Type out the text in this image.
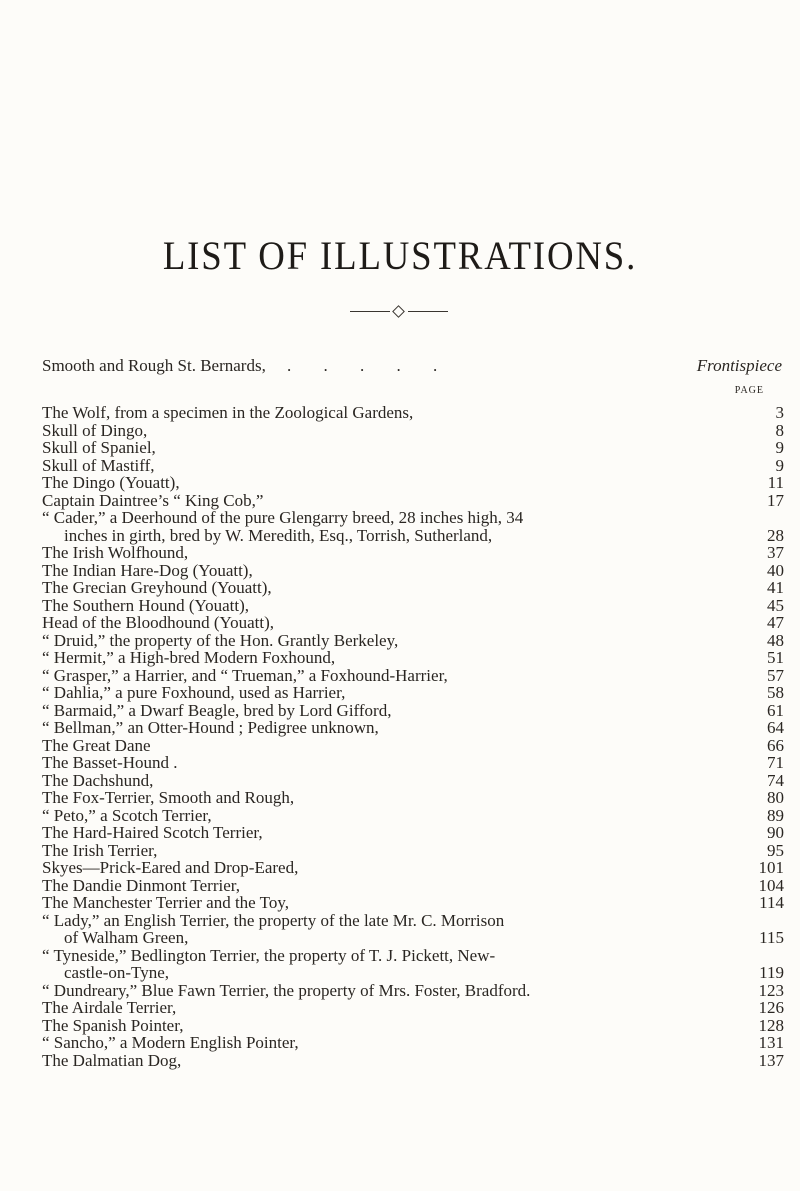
LIST OF ILLUSTRATIONS.
Smooth and Rough St. Bernards, . . . . .	Frontispiece
PAGE
The Wolf, from a specimen in the Zoological Gardens,	3
Skull of Dingo,	8
Skull of Spaniel,	9
Skull of Mastiff,	9
The Dingo (Youatt),	11
Captain Daintree’s “ King Cob,”	17
“ Cader,” a Deerhound of the pure Glengarry breed, 28 inches high, 34
inches in girth, bred by W. Meredith, Esq., Torrish, Sutherland,	28
The Irish Wolfhound,	37
The Indian Hare-Dog (Youatt),	40
The Grecian Greyhound (Youatt),	41
The Southern Hound (Youatt),	45
Head of the Bloodhound (Youatt),	47
“ Druid,” the property of the Hon. Grantly Berkeley,	48
“ Hermit,” a High-bred Modern Foxhound,	51
“ Grasper,” a Harrier, and “ Trueman,” a Foxhound-Harrier,	57
“ Dahlia,” a pure Foxhound, used as Harrier,	58
“ Barmaid,” a Dwarf Beagle, bred by Lord Gifford,	61
“ Bellman,” an Otter-Hound ; Pedigree unknown,	64
The Great Dane	66
The Basset-Hound .	71
The Dachshund,	74
The Fox-Terrier, Smooth and Rough,	80
“ Peto,” a Scotch Terrier,	89
The Hard-Haired Scotch Terrier,	90
The Irish Terrier,	95
Skyes—Prick-Eared and Drop-Eared,	101
The Dandie Dinmont Terrier,	104
The Manchester Terrier and the Toy,	114
“ Lady,” an English Terrier, the property of the late Mr. C. Morrison
of Walham Green,	115
“ Tyneside,” Bedlington Terrier, the property of T. J. Pickett, New-
castle-on-Tyne,	119
“ Dundreary,” Blue Fawn Terrier, the property of Mrs. Foster, Bradford.	123
The Airdale Terrier,	126
The Spanish Pointer,	128
“ Sancho,” a Modern English Pointer,	131
The Dalmatian Dog,	137
